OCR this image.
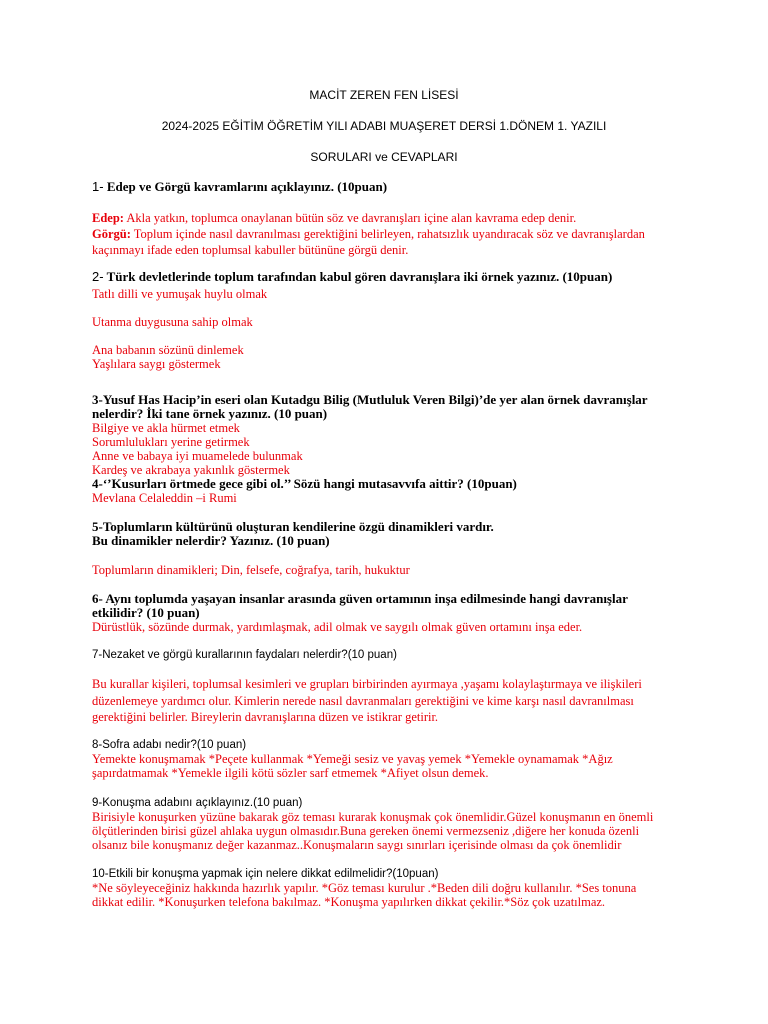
MACİT ZEREN FEN LİSESİ
2024-2025 EĞİTİM ÖĞRETİM YILI ADABI MUAŞERET DERSİ 1.DÖNEM 1. YAZILI
SORULARI ve CEVAPLARI

1- Edep ve Görgü kavramlarını açıklayınız. (10puan)

Edep: Akla yatkın, toplumca onaylanan bütün söz ve davranışları içine alan kavrama edep denir.

Görgü: Toplum içinde nasıl davranılması gerektiğini belirleyen, rahatsızlık uyandıracak söz ve davranışlardan

kaçınmayı ifade eden toplumsal kabuller bütününe görgü denir.

2- Türk devletlerinde toplum tarafından kabul gören davranışlara iki örnek yazınız. (10puan)

Tatlı dilli ve yumuşak huylu olmak

Utanma duygusuna sahip olmak

Ana babanın sözünü dinlemek

Yaşlılara saygı göstermek

3-Yusuf Has Hacip’in eseri olan Kutadgu Bilig (Mutluluk Veren Bilgi)’de yer alan örnek davranışlar

nelerdir? İki tane örnek yazınız. (10 puan)

Bilgiye ve akla hürmet etmek

Sorumlulukları yerine getirmek

Anne ve babaya iyi muamelede bulunmak

Kardeş ve akrabaya yakınlık göstermek

4-‘’Kusurları örtmede gece gibi ol.’’ Sözü hangi mutasavvıfa aittir? (10puan)

Mevlana Celaleddin –i Rumi

5-Toplumların kültürünü oluşturan kendilerine özgü dinamikleri vardır.

Bu dinamikler nelerdir? Yazınız. (10 puan)

Toplumların dinamikleri; Din, felsefe, coğrafya, tarih, hukuktur

6- Aynı toplumda yaşayan insanlar arasında güven ortamının inşa edilmesinde hangi davranışlar

etkilidir? (10 puan)

Dürüstlük, sözünde durmak, yardımlaşmak, adil olmak ve saygılı olmak güven ortamını inşa eder.

7-Nezaket ve görgü kurallarının faydaları nelerdir?(10 puan)

Bu kurallar kişileri, toplumsal kesimleri ve grupları birbirinden ayırmaya ,yaşamı kolaylaştırmaya ve ilişkileri

düzenlemeye yardımcı olur. Kimlerin nerede nasıl davranmaları gerektiğini ve kime karşı nasıl davranılması

gerektiğini belirler. Bireylerin davranışlarına düzen ve istikrar getirir.

8-Sofra adabı nedir?(10 puan)

Yemekte konuşmamak *Peçete kullanmak *Yemeği sesiz ve yavaş yemek *Yemekle oynamamak *Ağız

şapırdatmamak *Yemekle ilgili kötü sözler sarf etmemek *Afiyet olsun demek.

9-Konuşma adabını açıklayınız.(10 puan)

Birisiyle konuşurken yüzüne bakarak göz teması kurarak konuşmak çok önemlidir.Güzel konuşmanın en önemli

ölçütlerinden birisi güzel ahlaka uygun olmasıdır.Buna gereken önemi vermezseniz ,diğere her konuda özenli

olsanız bile konuşmanız değer kazanmaz..Konuşmaların saygı sınırları içerisinde olması da çok önemlidir

10-Etkili bir konuşma yapmak için nelere dikkat edilmelidir?(10puan)

*Ne söyleyeceğiniz hakkında hazırlık yapılır. *Göz teması kurulur .*Beden dili doğru kullanılır. *Ses tonuna

dikkat edilir. *Konuşurken telefona bakılmaz. *Konuşma yapılırken dikkat çekilir.*Söz çok uzatılmaz.
